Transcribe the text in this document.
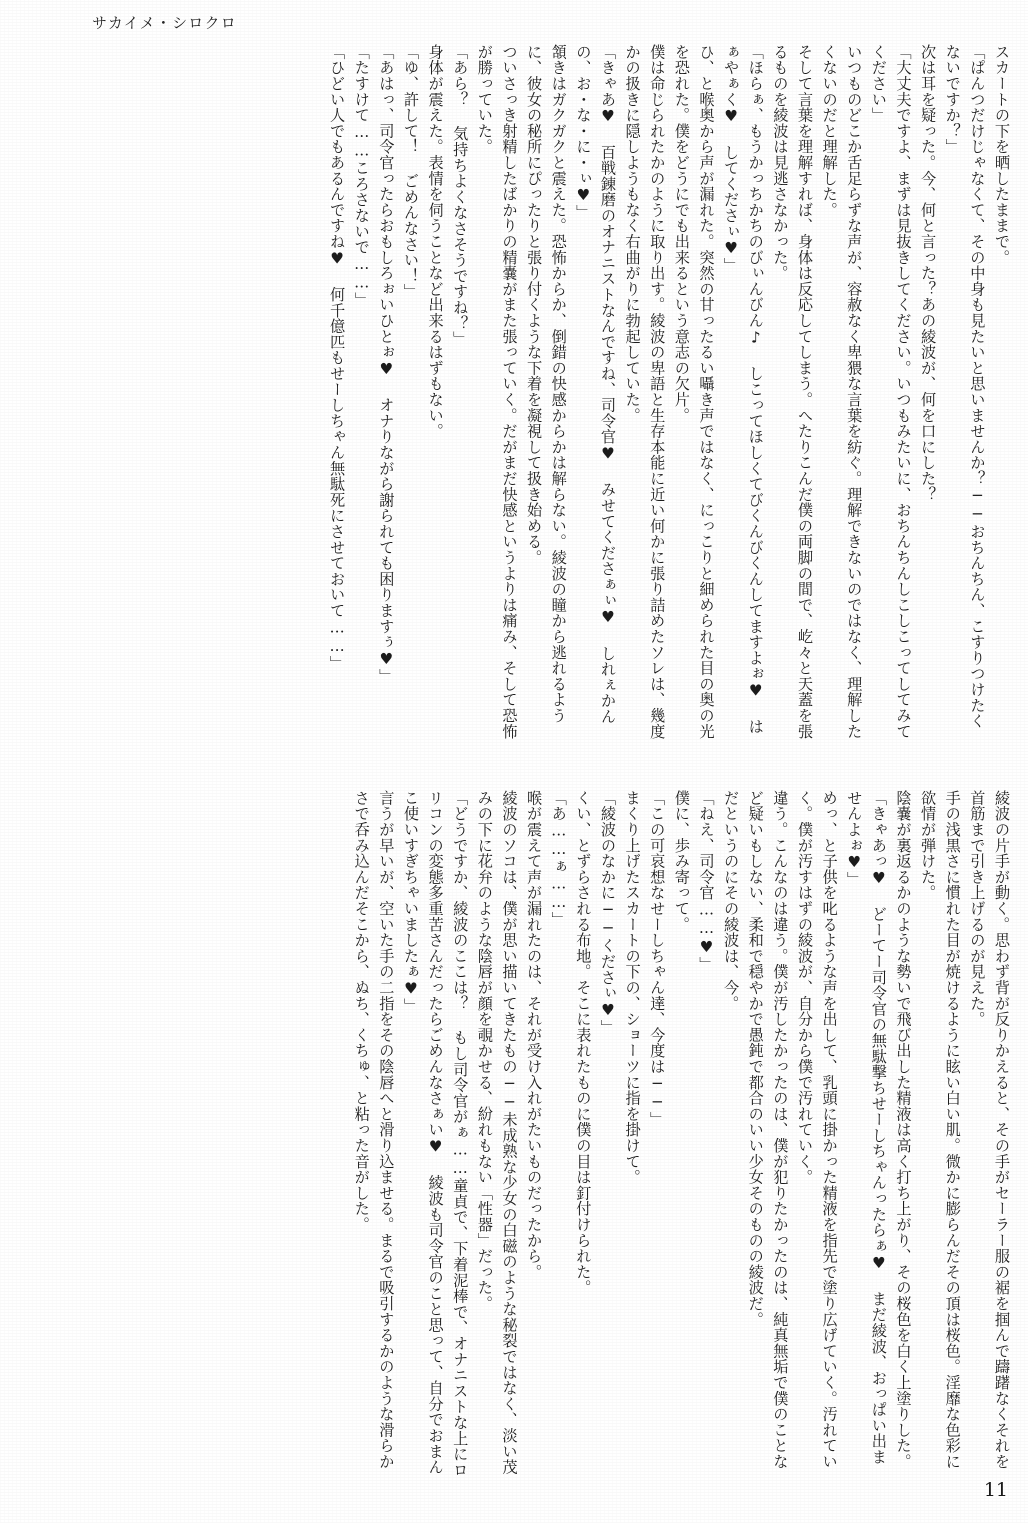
サカイメ・シロクロ

スカートの下を晒したままで。

「ぱんつだけじゃなくて、その中身も見たいと思いませんか？──おちんちん、こすりつけたくないですか？」

次は耳を疑った。今、何と言った？あの綾波が、何を口にした？

「大丈夫ですよ、まずは見抜きしてください。いつもみたいに、おちんちんしこしこってしてみてください」

いつものどこか舌足らずな声が、容赦なく卑猥な言葉を紡ぐ。理解できないのではなく、理解したくないのだと理解した。

そして言葉を理解すれば、身体は反応してしまう。へたりこんだ僕の両脚の間で、屹々と天蓋を張るものを綾波は見逃さなかった。

「ほらぁ、もうかっちかちのびぃんびん♪ しこってほしくてびくんびくんしてますよぉ♥ はぁやぁく♥ してくださぃ♥」

ひ、と喉奥から声が漏れた。突然の甘ったるい囁き声ではなく、にっこりと細められた目の奥の光を恐れた。僕をどうにでも出来るという意志の欠片。

僕は命じられたかのように取り出す。綾波の卑語と生存本能に近い何かに張り詰めたソレは、幾度かの扱きに隠しようもなく右曲がりに勃起していた。

「きゃあ♥ 百戦錬磨のオナニストなんですね、司令官♥ みせてくださぁぃ♥ しれぇかんの、お・な・に・ぃ♥」

頷きはガクガクと震えた。恐怖からか、倒錯の快感からかは解らない。綾波の瞳から逃れるように、彼女の秘所にぴったりと張り付くような下着を凝視して扱き始める。

ついさっき射精したばかりの精嚢がまた張っていく。だがまだ快感というよりは痛み、そして恐怖が勝っていた。

「あら？ 気持ちよくなさそうですね？」

身体が震えた。表情を伺うことなど出来るはずもない。

「ゆ、許して！ ごめんなさい！」

「あはっ、司令官ったらおもしろぉいひとぉ♥ オナりながら謝られても困りますぅ♥」

「たすけて……ころさないで……」

「ひどい人でもあるんですね♥ 何千億匹もせーしちゃん無駄死にさせておいて……」

綾波の片手が動く。思わず背が反りかえると、その手がセーラー服の裾を掴んで躊躇なくそれを首筋まで引き上げるのが見えた。

手の浅黒さに慣れた目が焼けるように眩い白い肌。微かに膨らんだその頂は桜色。淫靡な色彩に欲情が弾けた。

陰嚢が裏返るかのような勢いで飛び出した精液は高く打ち上がり、その桜色を白く上塗りした。

「きゃあっ♥ どーてー司令官の無駄撃ちせーしちゃんったらぁ♥ まだ綾波、おっぱい出ませんよぉ♥」

めっ、と子供を叱るような声を出して、乳頭に掛かった精液を指先で塗り広げていく。汚れていく。僕が汚すはずの綾波が、自分から僕で汚れていく。

違う。こんなのは違う。僕が汚したかったのは、僕が犯りたかったのは、純真無垢で僕のことなど疑いもしない、柔和で穏やかで愚鈍で都合のいい少女そのものの綾波だ。

だというのにその綾波は、今。

「ねえ、司令官……♥」

僕に、歩み寄って。

「この可哀想なせーしちゃん達、今度は──」

まくり上げたスカートの下の、ショーツに指を掛けて。

「綾波のなかに──くださぃ♥」

くい、とずらされる布地。そこに表れたものに僕の目は釘付けられた。

「あ……ぁ……」

喉が震えて声が漏れたのは、それが受け入れがたいものだったから。

綾波のソコは、僕が思い描いてきたもの──未成熟な少女の白磁のような秘裂ではなく、淡い茂みの下に花弁のような陰唇が顔を覗かせる、紛れもない「性器」だった。

「どうですか、綾波のここは？ もし司令官がぁ……童貞で、下着泥棒で、オナニストな上にロリコンの変態多重苦さんだったらごめんなさぁい♥ 綾波も司令官のこと思って、自分でおまんこ使いすぎちゃいましたぁ♥」

言うが早いが、空いた手の二指をその陰唇へと滑り込ませる。まるで吸引するかのような滑らかさで呑み込んだそこから、ぬち、くちゅ、と粘った音がした。

11
